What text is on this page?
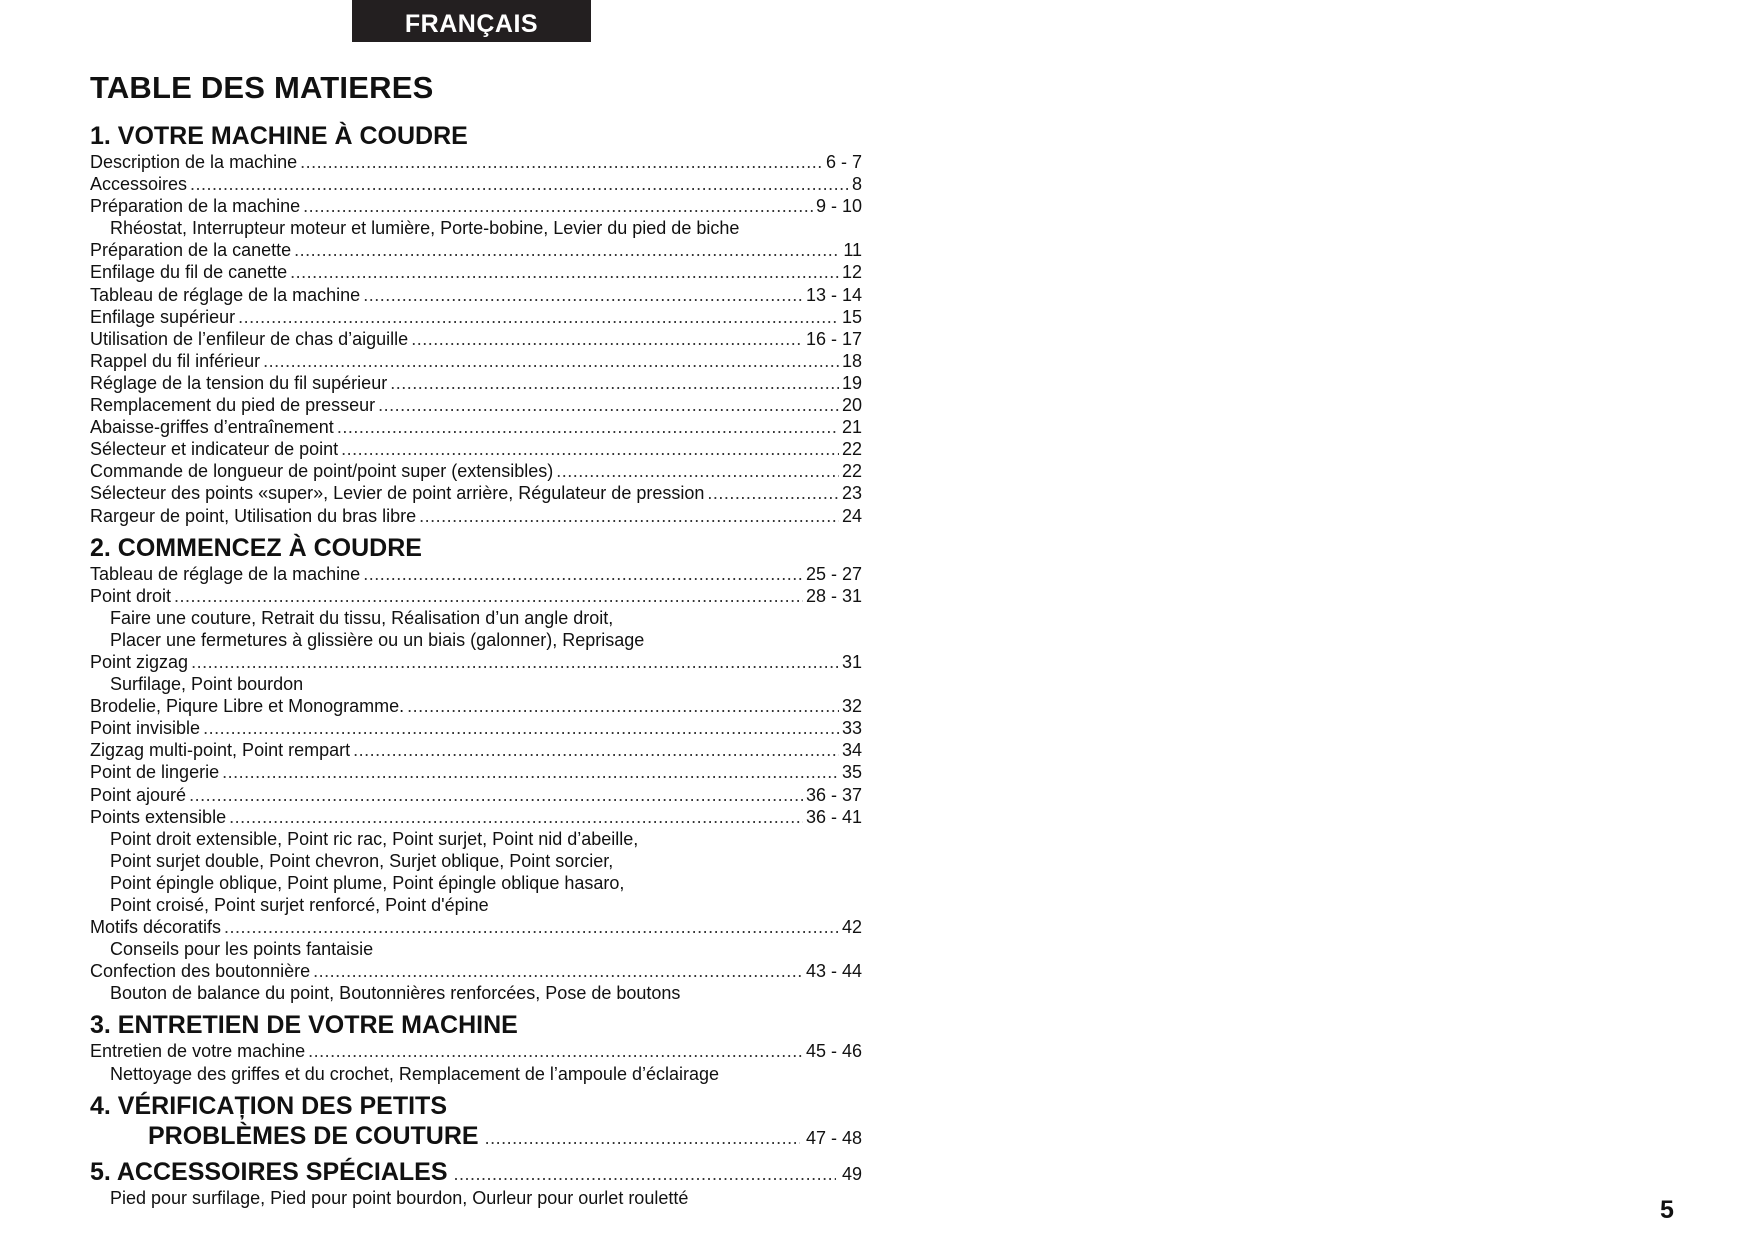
FRANÇAIS
TABLE DES MATIERES
1. VOTRE MACHINE À COUDRE
Description de la machine .....	6 - 7
Accessoires .....	8
Préparation de la machine .....	9 - 10
Rhéostat, Interrupteur moteur et lumière, Porte-bobine, Levier du pied de biche
Préparation de la canette .....	11
Enfilage du fil de canette .....	12
Tableau de réglage de la machine .....	13 - 14
Enfilage supérieur .....	15
Utilisation de l’enfileur de chas d’aiguille .....	16 - 17
Rappel du fil inférieur .....	18
Réglage de la tension du fil supérieur .....	19
Remplacement du pied de presseur .....	20
Abaisse-griffes d’entraînement .....	21
Sélecteur et indicateur de point .....	22
Commande de longueur de point/point super (extensibles) .....	22
Sélecteur des points «super», Levier de point arrière, Régulateur de pression .....	23
Rargeur de point, Utilisation du bras libre .....	24
2. COMMENCEZ À COUDRE
Tableau de réglage de la machine .....	25 - 27
Point droit .....	28 - 31
Faire une couture, Retrait du tissu, Réalisation d’un angle droit,
Placer une fermetures à glissière ou un biais (galonner), Reprisage
Point zigzag .....	31
Surfilage, Point bourdon
Brodelie, Piqure Libre et Monogramme. .....	32
Point invisible .....	33
Zigzag multi-point, Point rempart .....	34
Point de lingerie .....	35
Point ajouré .....	36 - 37
Points extensible .....	36 - 41
Point droit extensible, Point ric rac, Point surjet, Point nid d’abeille,
Point surjet double, Point chevron, Surjet oblique, Point sorcier,
Point épingle oblique, Point plume, Point épingle oblique hasaro,
Point croisé, Point surjet renforcé, Point d'épine
Motifs décoratifs .....	42
Conseils pour les points fantaisie
Confection des boutonnière .....	43 - 44
Bouton de balance du point, Boutonnières renforcées, Pose de boutons
3. ENTRETIEN DE VOTRE MACHINE
Entretien de votre machine .....	45 - 46
Nettoyage des griffes et du crochet, Remplacement de l’ampoule d’éclairage
4. VÉRIFICAȚION DES PETITS
PROBLÈMES DE COUTURE .....	47 - 48
5. ACCESSOIRES SPÉCIALES .....	49
Pied pour surfilage, Pied pour point bourdon, Ourleur pour ourlet rouletté	5
